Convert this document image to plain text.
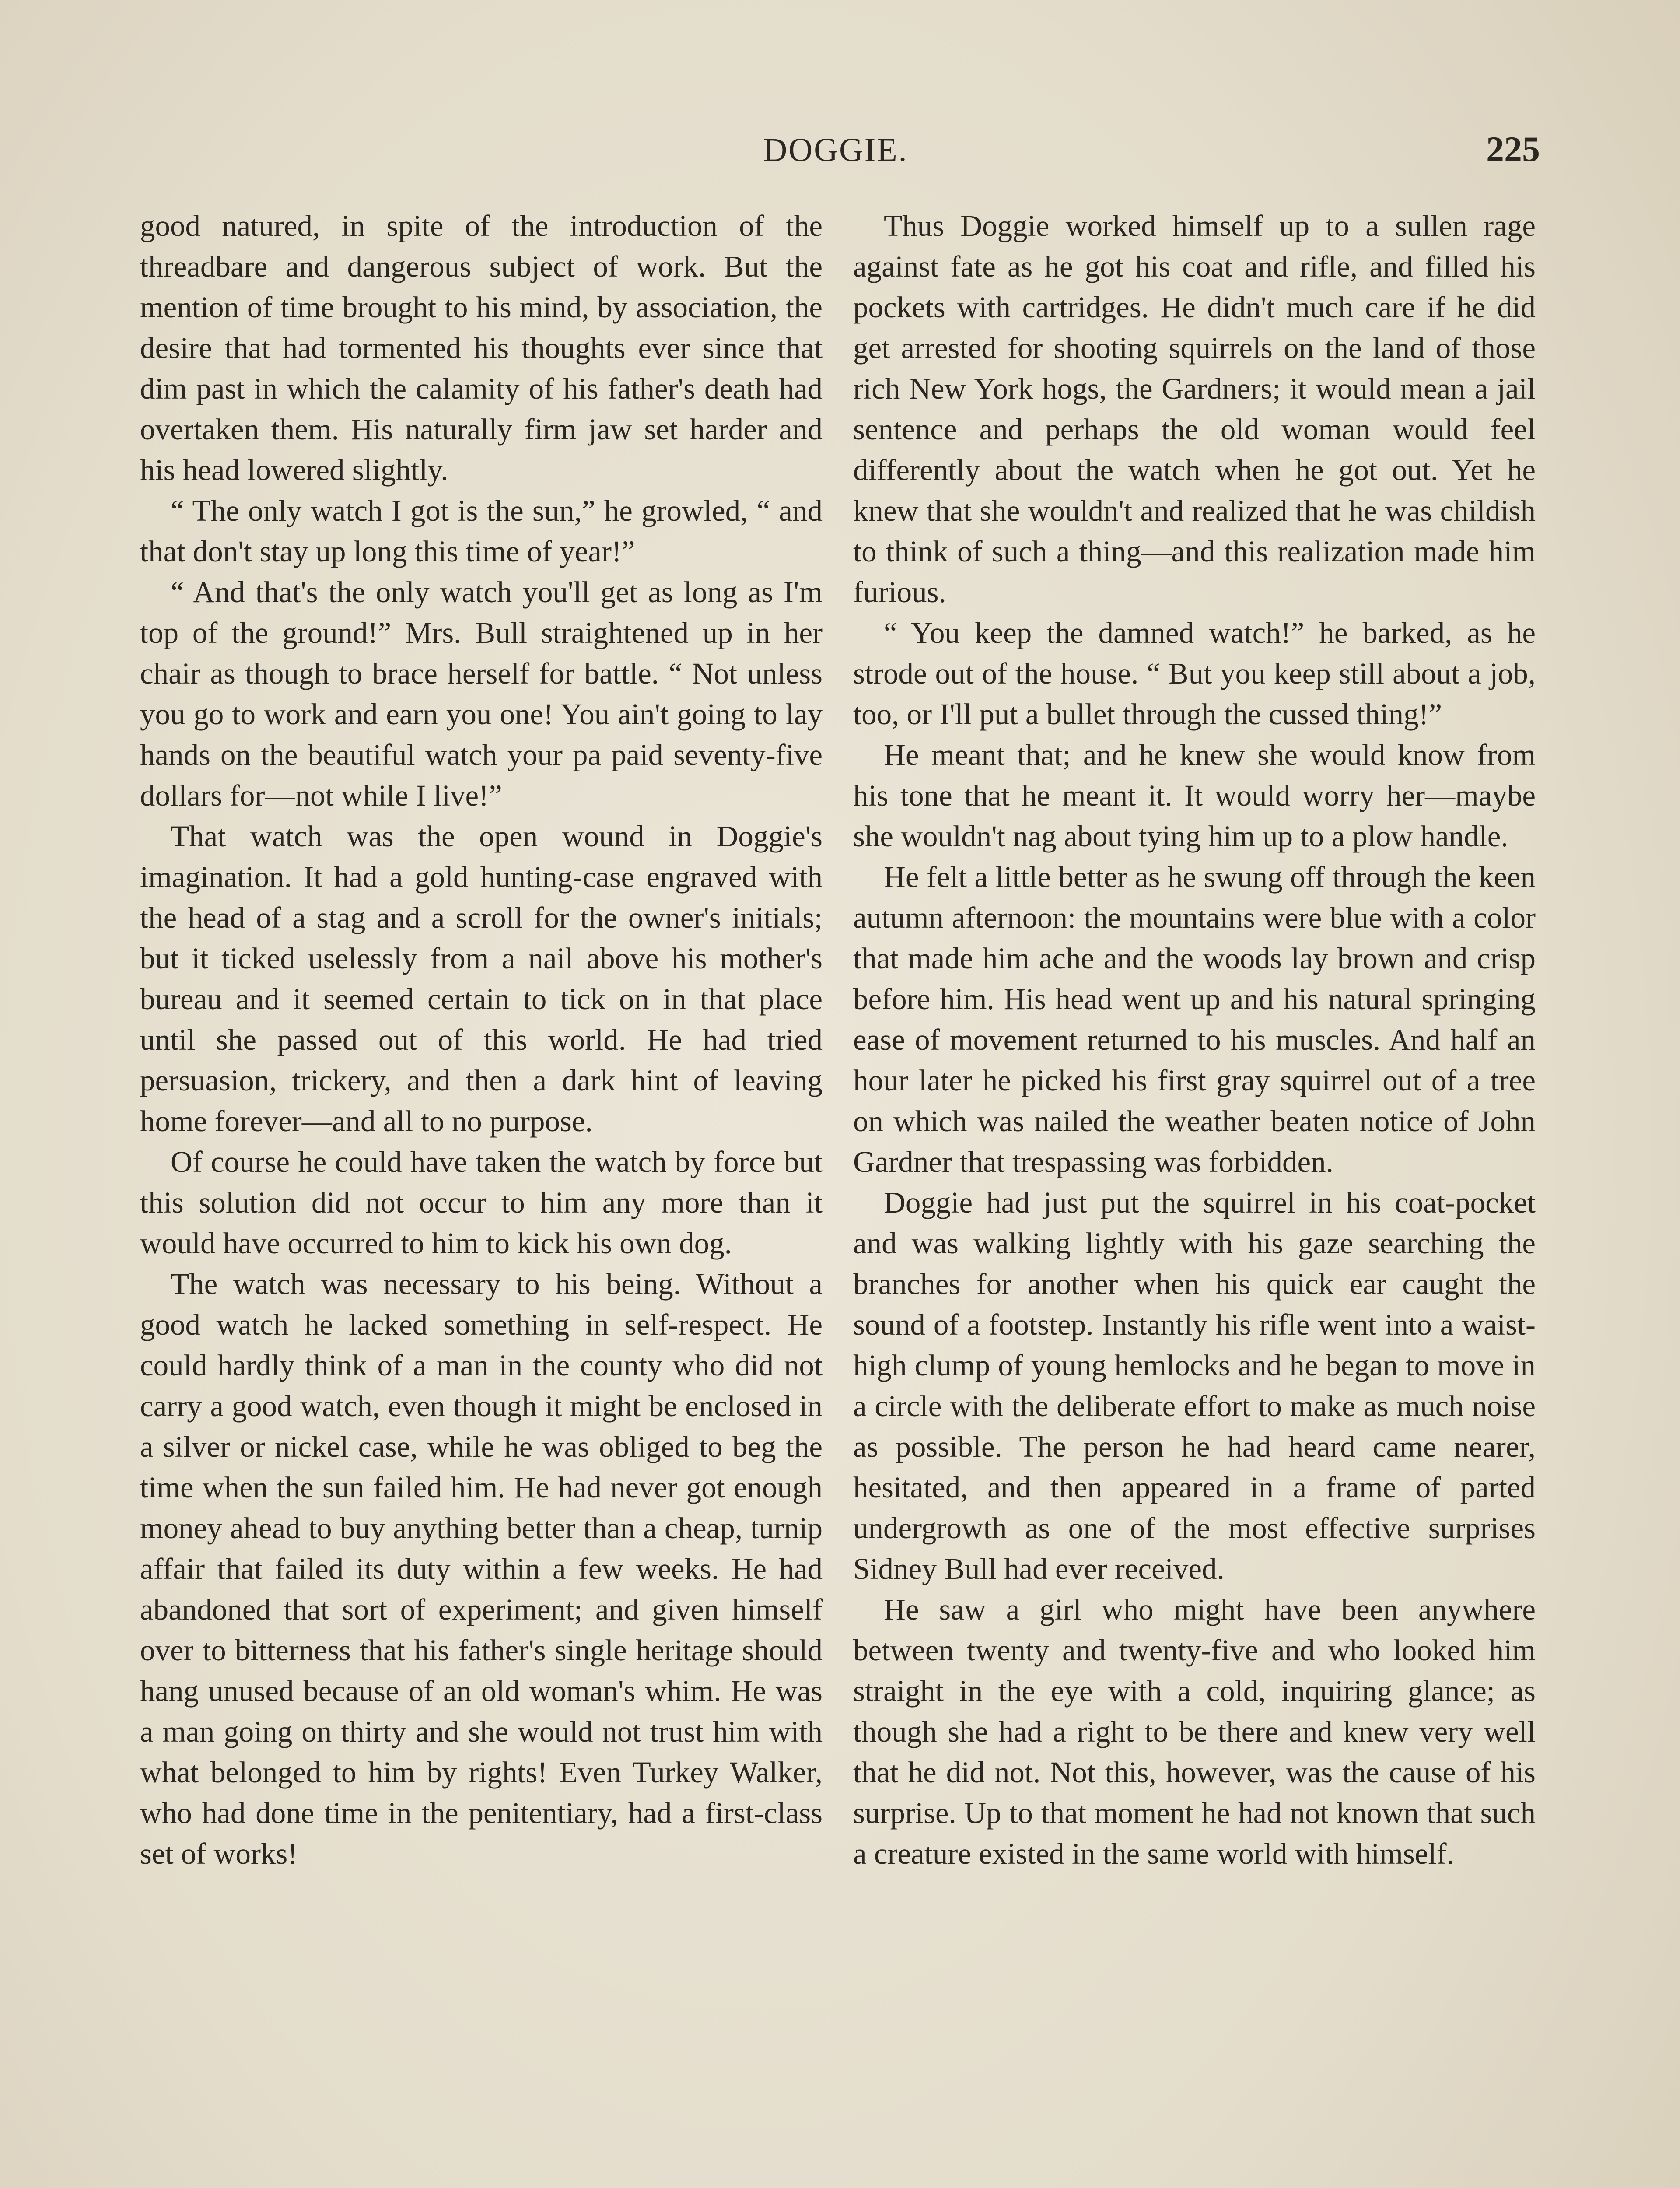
DOGGIE.	225

good natured, in spite of the introduction of the threadbare and dangerous subject of work. But the mention of time brought to his mind, by association, the desire that had tormented his thoughts ever since that dim past in which the calamity of his father's death had overtaken them. His naturally firm jaw set harder and his head lowered slightly.

“ The only watch I got is the sun,” he growled, “ and that don't stay up long this time of year!”

“ And that's the only watch you'll get as long as I'm top of the ground!” Mrs. Bull straightened up in her chair as though to brace herself for battle. “ Not unless you go to work and earn you one! You ain't going to lay hands on the beautiful watch your pa paid seventy-five dollars for—not while I live!”

That watch was the open wound in Doggie's imagination. It had a gold hunting-case engraved with the head of a stag and a scroll for the owner's initials; but it ticked uselessly from a nail above his mother's bureau and it seemed certain to tick on in that place until she passed out of this world. He had tried persuasion, trickery, and then a dark hint of leaving home forever—and all to no purpose.

Of course he could have taken the watch by force but this solution did not occur to him any more than it would have occurred to him to kick his own dog.

The watch was necessary to his being. Without a good watch he lacked something in self-respect. He could hardly think of a man in the county who did not carry a good watch, even though it might be enclosed in a silver or nickel case, while he was obliged to beg the time when the sun failed him. He had never got enough money ahead to buy anything better than a cheap, turnip affair that failed its duty within a few weeks. He had abandoned that sort of experiment; and given himself over to bitterness that his father's single heritage should hang unused because of an old woman's whim. He was a man going on thirty and she would not trust him with what belonged to him by rights! Even Turkey Walker, who had done time in the penitentiary, had a first-class set of works!

Thus Doggie worked himself up to a sullen rage against fate as he got his coat and rifle, and filled his pockets with cartridges. He didn't much care if he did get arrested for shooting squirrels on the land of those rich New York hogs, the Gardners; it would mean a jail sentence and perhaps the old woman would feel differently about the watch when he got out. Yet he knew that she wouldn't and realized that he was childish to think of such a thing—and this realization made him furious.

“ You keep the damned watch!” he barked, as he strode out of the house. “ But you keep still about a job, too, or I'll put a bullet through the cussed thing!”

He meant that; and he knew she would know from his tone that he meant it. It would worry her—maybe she wouldn't nag about tying him up to a plow handle.

He felt a little better as he swung off through the keen autumn afternoon: the mountains were blue with a color that made him ache and the woods lay brown and crisp before him. His head went up and his natural springing ease of movement returned to his muscles. And half an hour later he picked his first gray squirrel out of a tree on which was nailed the weather beaten notice of John Gardner that trespassing was forbidden.

Doggie had just put the squirrel in his coat-pocket and was walking lightly with his gaze searching the branches for another when his quick ear caught the sound of a footstep. Instantly his rifle went into a waist-high clump of young hemlocks and he began to move in a circle with the deliberate effort to make as much noise as possible. The person he had heard came nearer, hesitated, and then appeared in a frame of parted undergrowth as one of the most effective surprises Sidney Bull had ever received.

He saw a girl who might have been anywhere between twenty and twenty-five and who looked him straight in the eye with a cold, inquiring glance; as though she had a right to be there and knew very well that he did not. Not this, however, was the cause of his surprise. Up to that moment he had not known that such a creature existed in the same world with himself.
